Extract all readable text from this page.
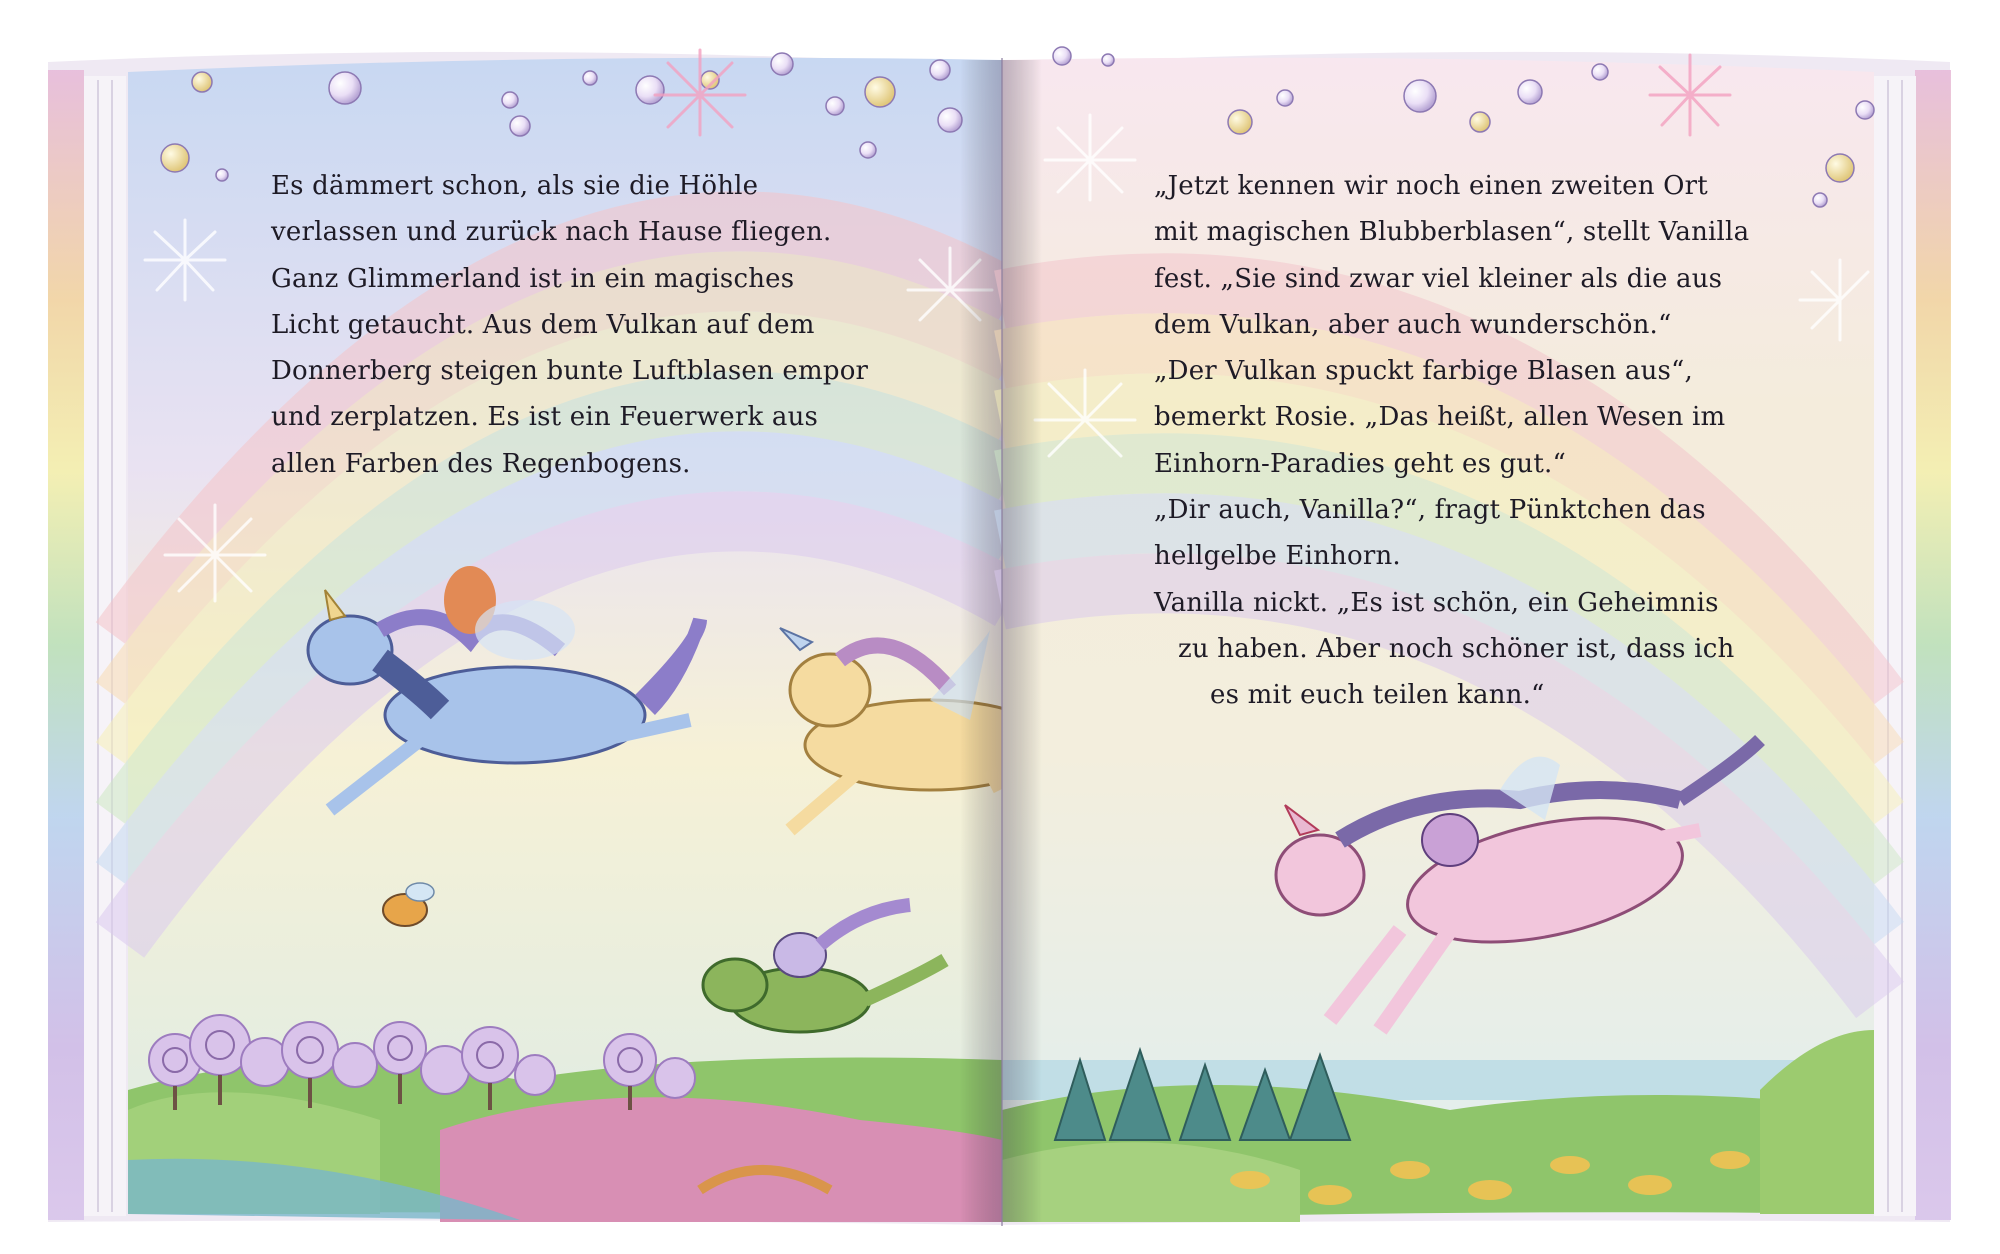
Es dämmert schon, als sie die Höhle
verlassen und zurück nach Hause fliegen.
Ganz Glimmerland ist in ein magisches
Licht getaucht. Aus dem Vulkan auf dem
Donnerberg steigen bunte Luftblasen empor
und zerplatzen. Es ist ein Feuerwerk aus
allen Farben des Regenbogens.
„Jetzt kennen wir noch einen zweiten Ort
mit magischen Blubberblasen“, stellt Vanilla
fest. „Sie sind zwar viel kleiner als die aus
dem Vulkan, aber auch wunderschön.“
„Der Vulkan spuckt farbige Blasen aus“,
bemerkt Rosie. „Das heißt, allen Wesen im
Einhorn-Paradies geht es gut.“
„Dir auch, Vanilla?“, fragt Pünktchen das
hellgelbe Einhorn.
Vanilla nickt. „Es ist schön, ein Geheimnis
zu haben. Aber noch schöner ist, dass ich
es mit euch teilen kann.“
